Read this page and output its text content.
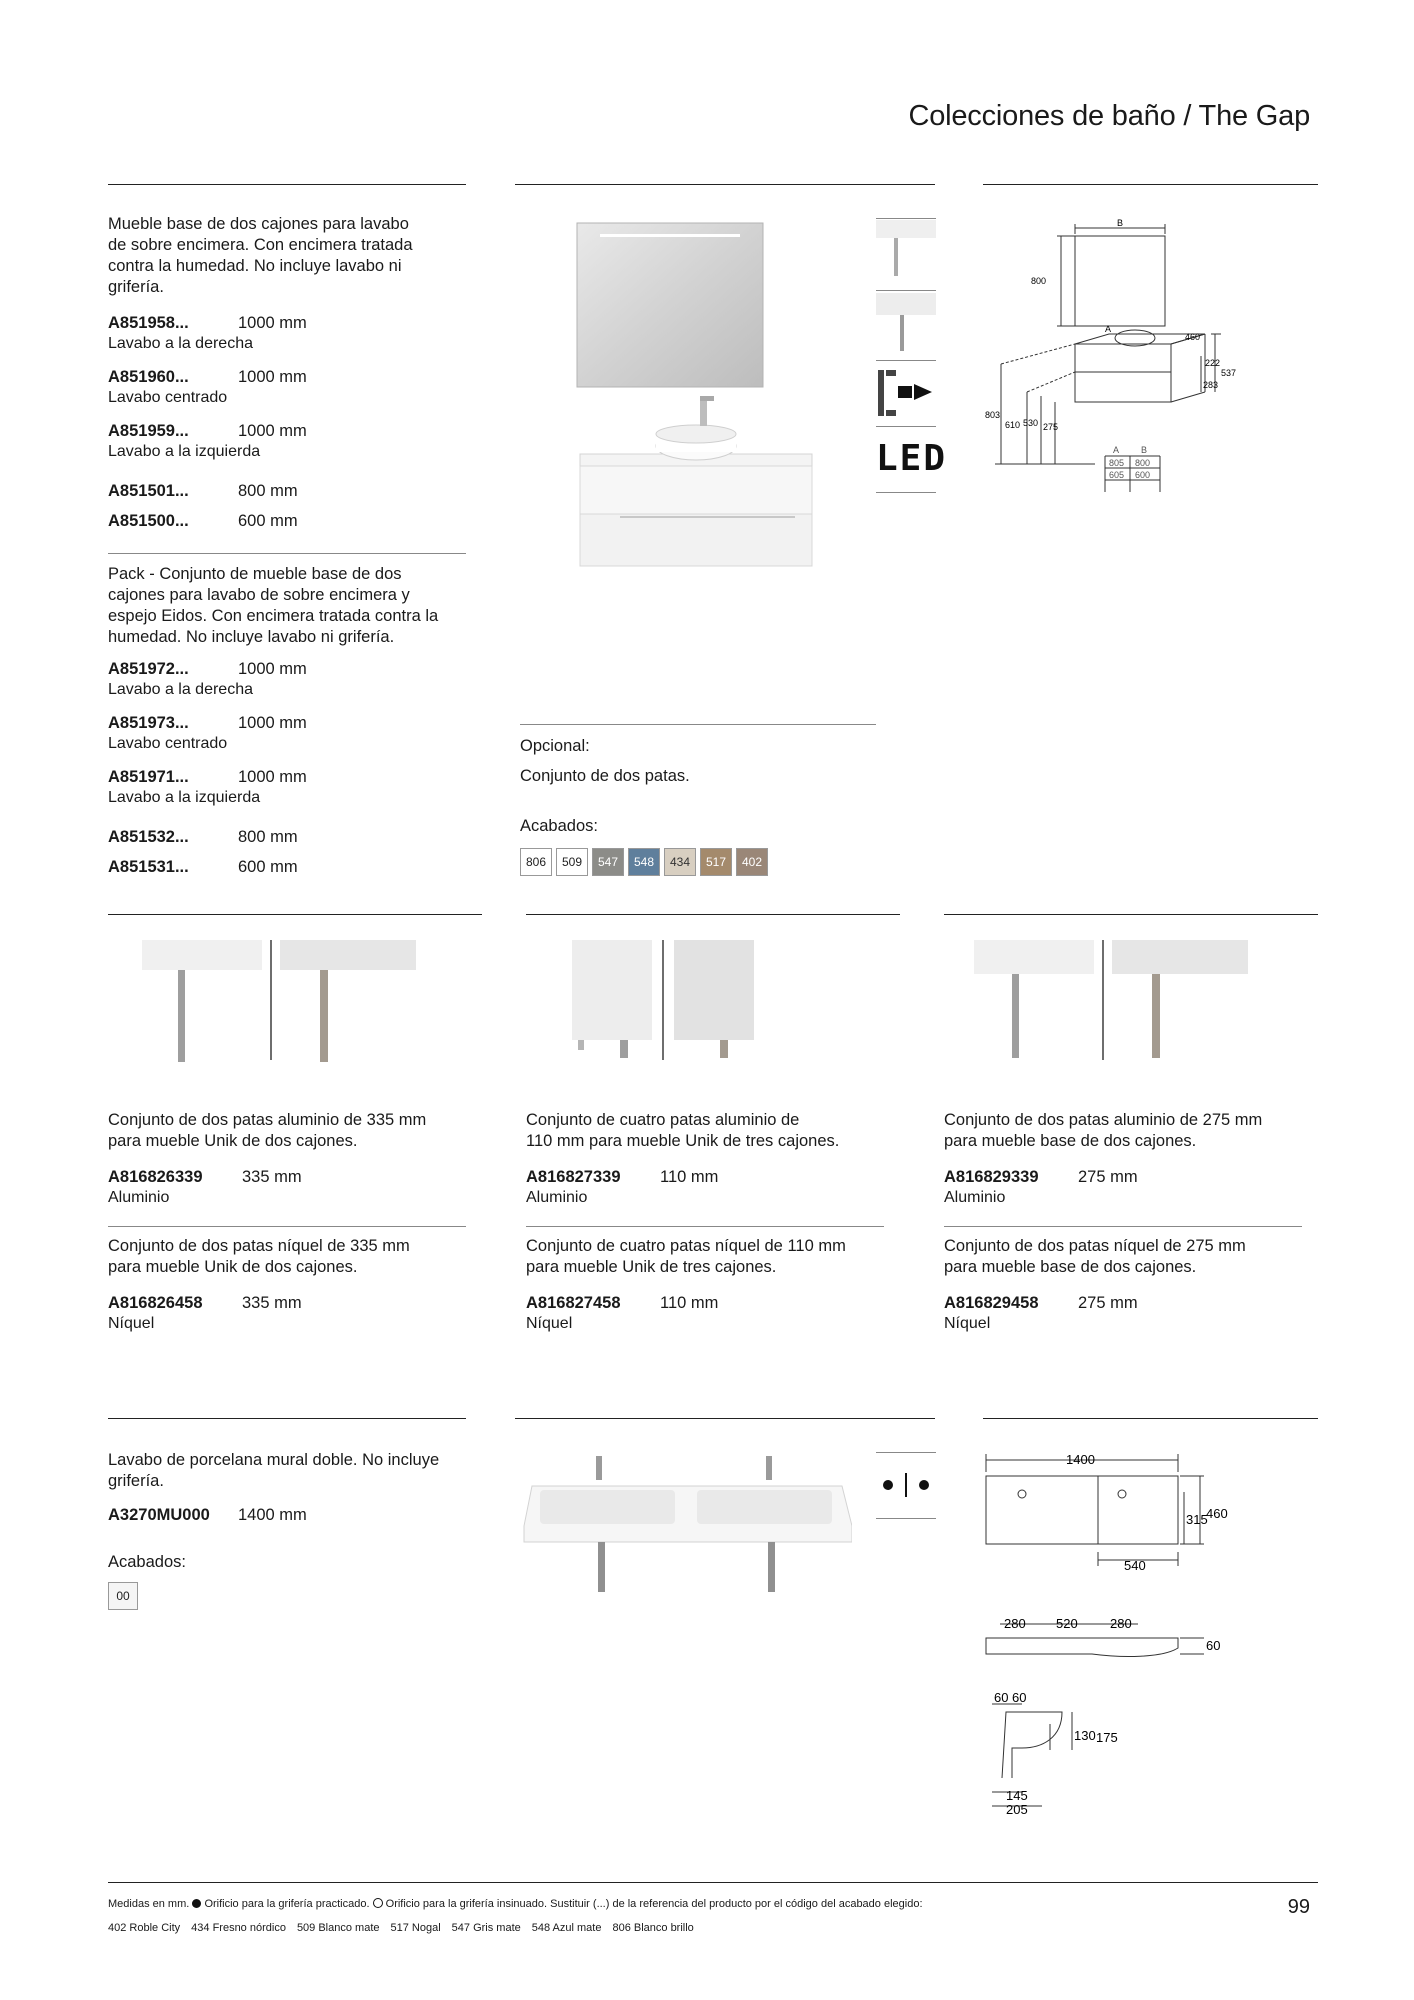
Colecciones de baño / The Gap
Mueble base de dos cajones para lavabo
de sobre encimera. Con encimera tratada
contra la humedad. No incluye lavabo ni
grifería.
A851958...	1000 mm
Lavabo a la derecha
A851960...	1000 mm
Lavabo centrado
A851959...	1000 mm
Lavabo a la izquierda
A851501...	800 mm
A851500...	600 mm
Pack - Conjunto de mueble base de dos
cajones para lavabo de sobre encimera y
espejo Eidos. Con encimera tratada contra la
humedad. No incluye lavabo ni grifería.
A851972...	1000 mm
Lavabo a la derecha
A851973...	1000 mm
Lavabo centrado
A851971...	1000 mm
Lavabo a la izquierda
A851532...	800 mm
A851531...	600 mm
LED
B
800
A
460
222
537
283
803
610 530 275
A B
805 800
605 600
Opcional:
Conjunto de dos patas.
Acabados:
806	509	547	548	434	517	402
Conjunto de dos patas aluminio de 335 mm
para mueble Unik de dos cajones.
A816826339 335 mm
Aluminio
Conjunto de dos patas níquel de 335 mm
para mueble Unik de dos cajones.
A816826458 335 mm
Níquel
Conjunto de cuatro patas aluminio de
110 mm para mueble Unik de tres cajones.
A816827339 110 mm
Aluminio
Conjunto de cuatro patas níquel de 110 mm
para mueble Unik de tres cajones.
A816827458 110 mm
Níquel
Conjunto de dos patas aluminio de 275 mm
para mueble base de dos cajones.
A816829339 275 mm
Aluminio
Conjunto de dos patas níquel de 275 mm
para mueble base de dos cajones.
A816829458 275 mm
Níquel
Lavabo de porcelana mural doble. No incluye
grifería.
A3270MU000 1400 mm
Acabados:
00
1400
460
315
540
280 520 280
60
60 60
130 175
145
205
Medidas en mm. Orificio para la grifería practicado. Orificio para la grifería insinuado. Sustituir (...) de la referencia del producto por el código del acabado elegido:
402 Roble City 434 Fresno nórdico 509 Blanco mate 517 Nogal 547 Gris mate 548 Azul mate 806 Blanco brillo
99
